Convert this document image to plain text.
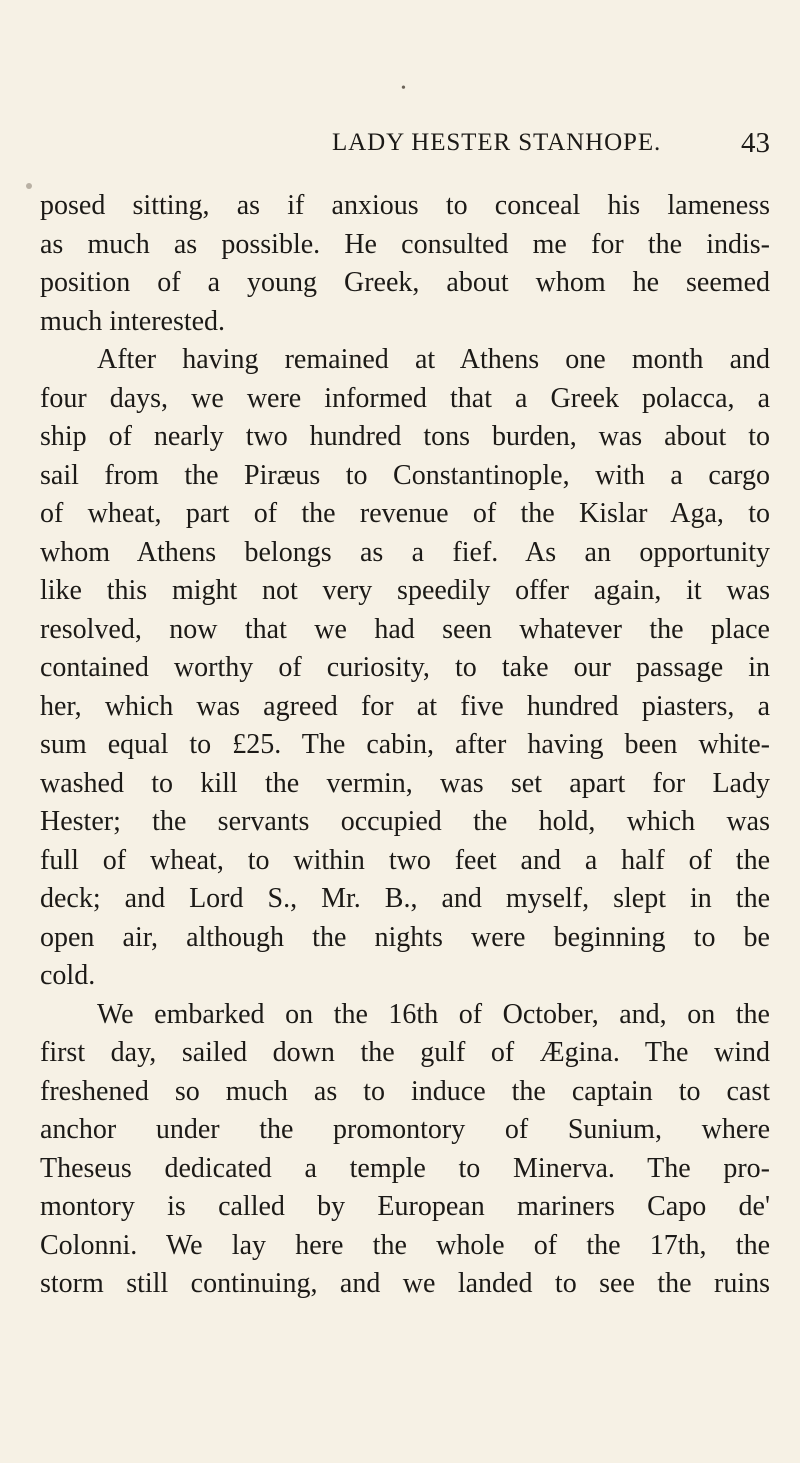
•
LADY HESTER STANHOPE.	43
posed sitting, as if anxious to conceal his lameness
as much as possible. He consulted me for the indis-
position of a young Greek, about whom he seemed
much interested.
After having remained at Athens one month and
four days, we were informed that a Greek polacca, a
ship of nearly two hundred tons burden, was about to
sail from the Piræus to Constantinople, with a cargo
of wheat, part of the revenue of the Kislar Aga, to
whom Athens belongs as a fief. As an opportunity
like this might not very speedily offer again, it was
resolved, now that we had seen whatever the place
contained worthy of curiosity, to take our passage in
her, which was agreed for at five hundred piasters, a
sum equal to £25. The cabin, after having been white-
washed to kill the vermin, was set apart for Lady
Hester; the servants occupied the hold, which was
full of wheat, to within two feet and a half of the
deck; and Lord S., Mr. B., and myself, slept in the
open air, although the nights were beginning to be
cold.
We embarked on the 16th of October, and, on the
first day, sailed down the gulf of Ægina. The wind
freshened so much as to induce the captain to cast
anchor under the promontory of Sunium, where
Theseus dedicated a temple to Minerva. The pro-
montory is called by European mariners Capo de'
Colonni. We lay here the whole of the 17th, the
storm still continuing, and we landed to see the ruins
